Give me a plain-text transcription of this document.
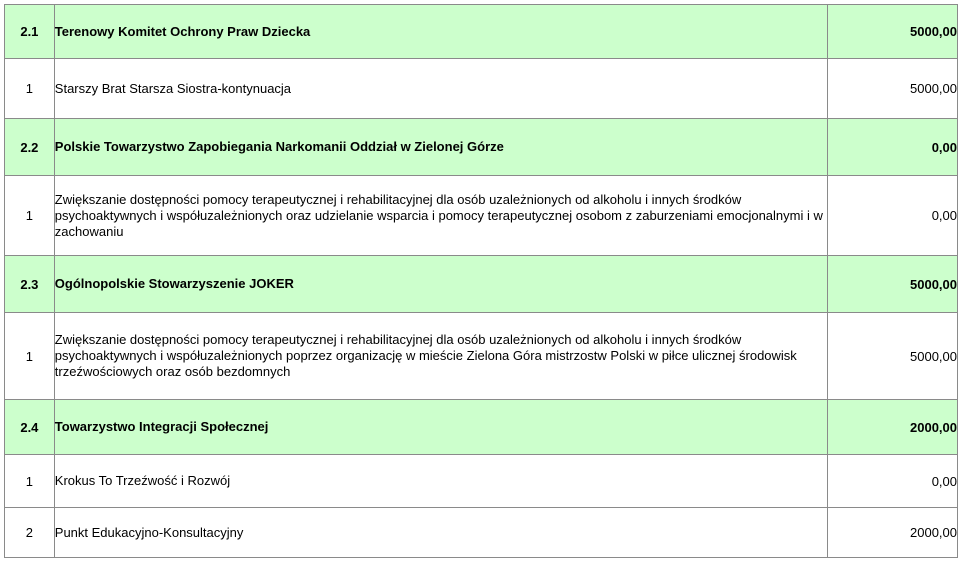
2.1	Terenowy Komitet Ochrony Praw Dziecka	5000,00
1	Starszy Brat Starsza Siostra-kontynuacja	5000,00
2.2	Polskie Towarzystwo Zapobiegania Narkomanii Oddział w Zielonej Górze	0,00
1	Zwiększanie dostępności pomocy terapeutycznej i rehabilitacyjnej dla osób uzależnionych od alkoholu i innych środków psychoaktywnych i współuzależnionych oraz udzielanie wsparcia i pomocy terapeutycznej osobom z zaburzeniami emocjonalnymi i w zachowaniu	0,00
2.3	Ogólnopolskie Stowarzyszenie JOKER	5000,00
1	Zwiększanie dostępności pomocy terapeutycznej i rehabilitacyjnej dla osób uzależnionych od alkoholu i innych środków psychoaktywnych i współuzależnionych poprzez organizację w mieście Zielona Góra mistrzostw Polski w piłce ulicznej środowisk trzeźwościowych oraz osób bezdomnych	5000,00
2.4	Towarzystwo Integracji Społecznej	2000,00
1	Krokus To Trzeźwość i Rozwój	0,00
2	Punkt Edukacyjno-Konsultacyjny	2000,00
